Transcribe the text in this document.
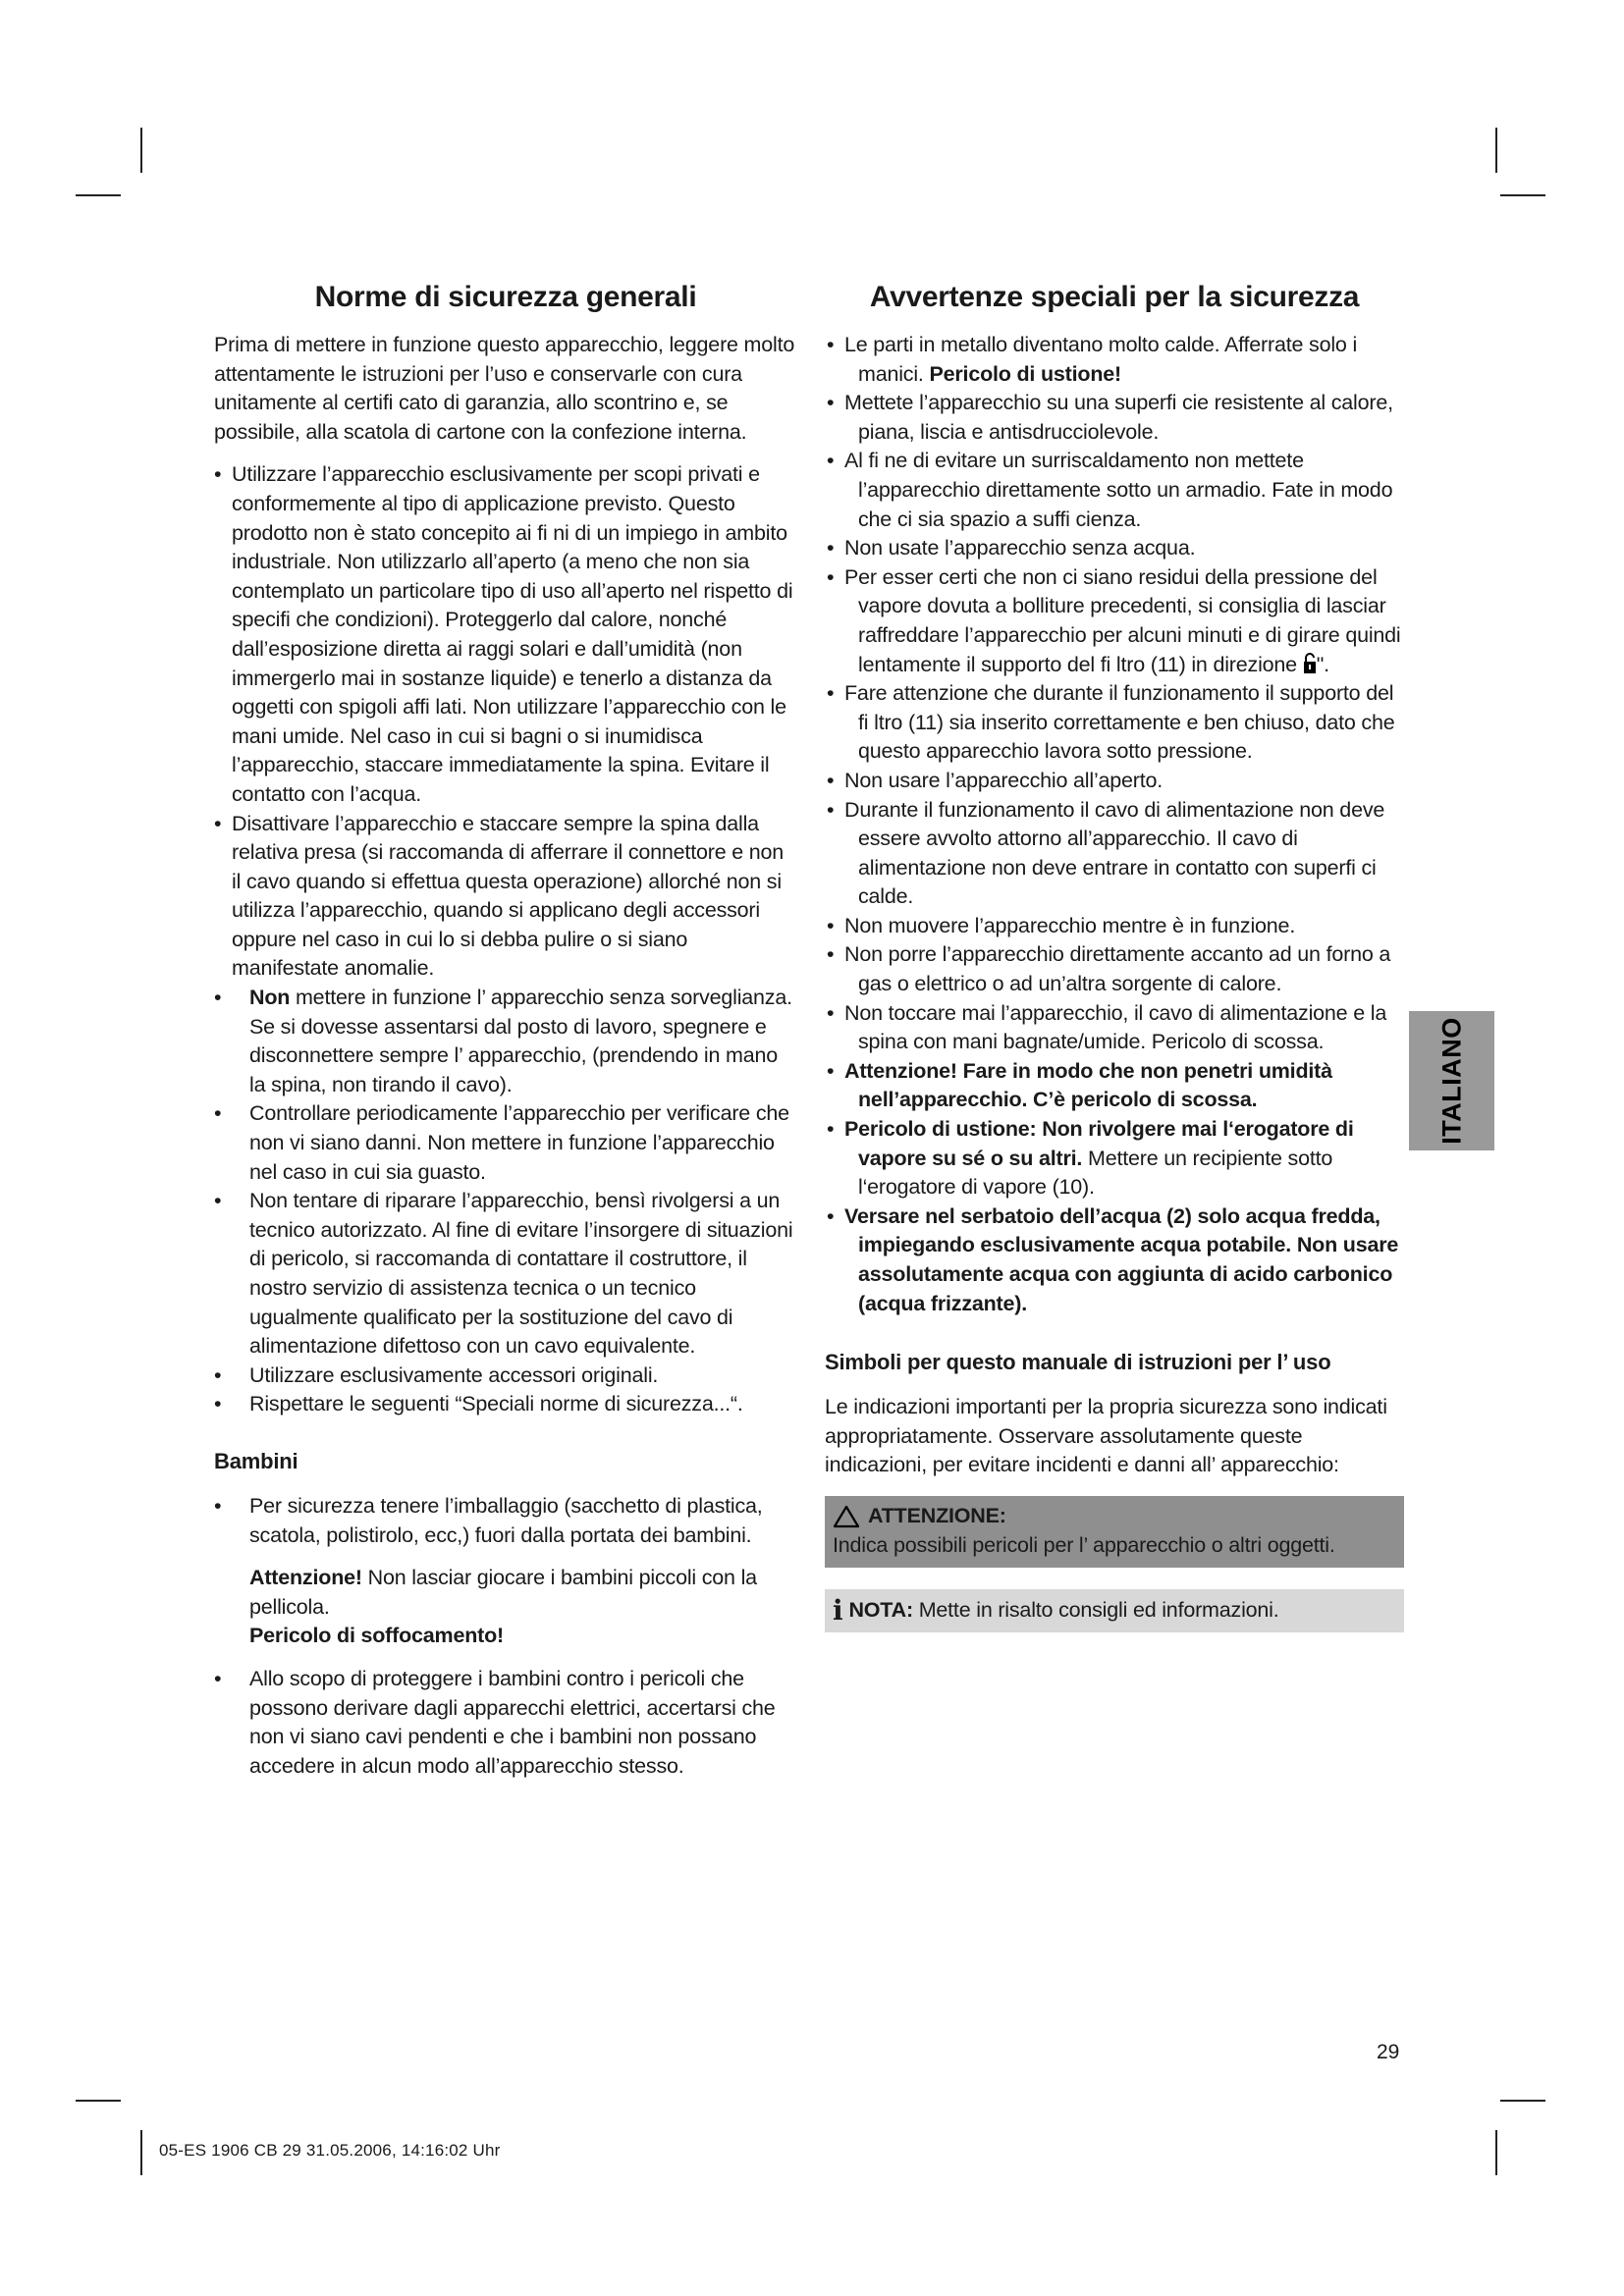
Norme di sicurezza generali

Prima di mettere in funzione questo apparecchio, leggere molto attentamente le istruzioni per l’uso e conservarle con cura unitamente al certifi cato di garanzia, allo scontrino e, se possibile, alla scatola di cartone con la confezione interna.

• Utilizzare l’apparecchio esclusivamente per scopi privati e conformemente al tipo di applicazione previsto. Questo prodotto non è stato concepito ai fi ni di un impiego in ambito industriale. Non utilizzarlo all’aperto (a meno che non sia contemplato un particolare tipo di uso all’aperto nel rispetto di specifi che condizioni). Proteggerlo dal calore, nonché dall’esposizione diretta ai raggi solari e dall’umidità (non immergerlo mai in sostanze liquide) e tenerlo a distanza da oggetti con spigoli affi lati. Non utilizzare l’apparecchio con le mani umide. Nel caso in cui si bagni o si inumidisca l’apparecchio, staccare immediatamente la spina. Evitare il contatto con l’acqua.

• Disattivare l’apparecchio e staccare sempre la spina dalla relativa presa (si raccomanda di afferrare il connettore e non il cavo quando si effettua questa operazione) allorché non si utilizza l’apparecchio, quando si applicano degli accessori oppure nel caso in cui lo si debba pulire o si siano manifestate anomalie.

• Non mettere in funzione l’ apparecchio senza sorveglianza. Se si dovesse assentarsi dal posto di lavoro, spegnere e disconnettere sempre l’ apparecchio, (prendendo in mano la spina, non tirando il cavo).

• Controllare periodicamente l’apparecchio per verificare che non vi siano danni. Non mettere in funzione l’apparecchio nel caso in cui sia guasto.

• Non tentare di riparare l’apparecchio, bensì rivolgersi a un tecnico autorizzato. Al fine di evitare l’insorgere di situazioni di pericolo, si raccomanda di contattare il costruttore, il nostro servizio di assistenza tecnica o un tecnico ugualmente qualificato per la sostituzione del cavo di alimentazione difettoso con un cavo equivalente.

• Utilizzare esclusivamente accessori originali.

• Rispettare le seguenti “Speciali norme di sicurezza...“.

Bambini

• Per sicurezza tenere l’imballaggio (sacchetto di plastica, scatola, polistirolo, ecc,) fuori dalla portata dei bambini.

Attenzione! Non lasciar giocare i bambini piccoli con la pellicola.

Pericolo di soffocamento!

• Allo scopo di proteggere i bambini contro i pericoli che possono derivare dagli apparecchi elettrici, accertarsi che non vi siano cavi pendenti e che i bambini non possano accedere in alcun modo all’apparecchio stesso.

Avvertenze speciali per la sicurezza

• Le parti in metallo diventano molto calde. Afferrate solo i manici. Pericolo di ustione!

• Mettete l’apparecchio su una superfi cie resistente al calore, piana, liscia e antisdrucciolevole.

• Al fi ne di evitare un surriscaldamento non mettete l’apparecchio direttamente sotto un armadio. Fate in modo che ci sia spazio a suffi cienza.

• Non usate l’apparecchio senza acqua.

• Per esser certi che non ci siano residui della pressione del vapore dovuta a bolliture precedenti, si consiglia di lasciar raffreddare l’apparecchio per alcuni minuti e di girare quindi lentamente il supporto del fi ltro (11) in direzione ".

• Fare attenzione che durante il funzionamento il supporto del fi ltro (11) sia inserito correttamente e ben chiuso, dato che questo apparecchio lavora sotto pressione.

• Non usare l’apparecchio all’aperto.

• Durante il funzionamento il cavo di alimentazione non deve essere avvolto attorno all’apparecchio. Il cavo di alimentazione non deve entrare in contatto con superfi ci calde.

• Non muovere l’apparecchio mentre è in funzione.

• Non porre l’apparecchio direttamente accanto ad un forno a gas o elettrico o ad un’altra sorgente di calore.

• Non toccare mai l’apparecchio, il cavo di alimentazione e la spina con mani bagnate/umide. Pericolo di scossa.

• Attenzione! Fare in modo che non penetri umidità nell’apparecchio. C’è pericolo di scossa.

• Pericolo di ustione: Non rivolgere mai l‘erogatore di vapore su sé o su altri. Mettere un recipiente sotto l‘erogatore di vapore (10).

• Versare nel serbatoio dell’acqua (2) solo acqua fredda, impiegando esclusivamente acqua potabile. Non usare assolutamente acqua con aggiunta di acido carbonico (acqua frizzante).

Simboli per questo manuale di istruzioni per l’ uso

Le indicazioni importanti per la propria sicurezza sono indicati appropriatamente. Osservare assolutamente queste indicazioni, per evitare incidenti e danni all’ apparecchio:

ATTENZIONE:

Indica possibili pericoli per l’ apparecchio o altri oggetti.

i NOTA: Mette in risalto consigli ed informazioni.

ITALIANO
29
05-ES 1906 CB 29 31.05.2006, 14:16:02 Uhr
